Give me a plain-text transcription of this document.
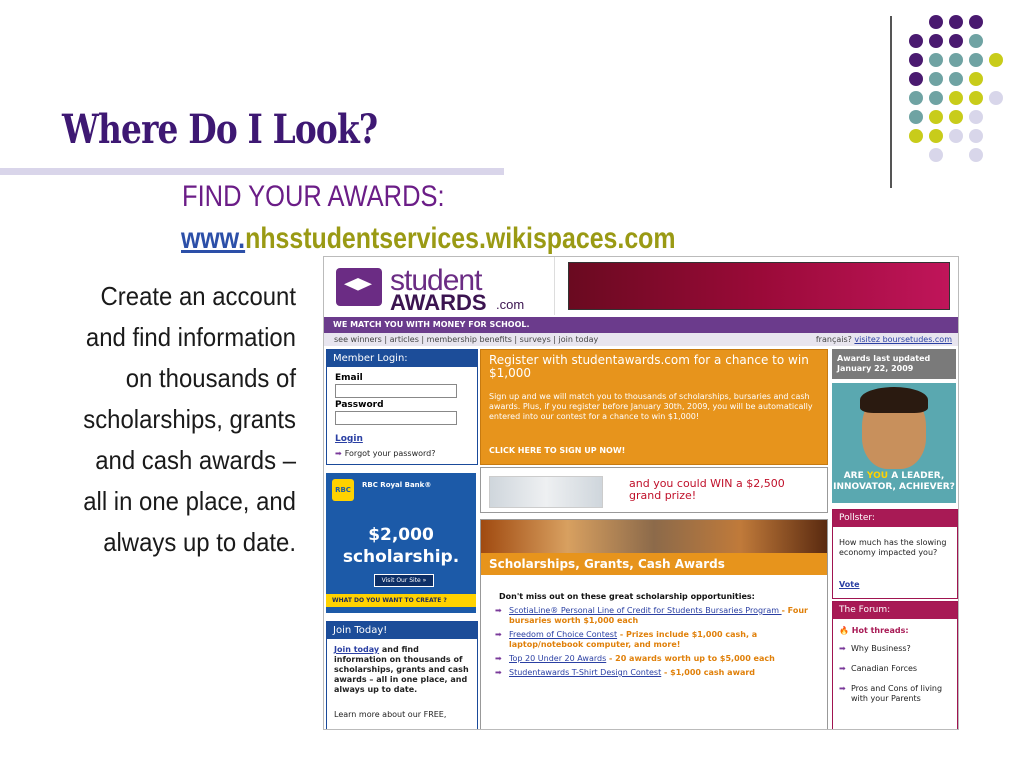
Where Do I Look?
FIND YOUR AWARDS:
www.nhsstudentservices.wikispaces.com
Create an account and find information on thousands of scholarships, grants and cash awards – all in one place, and always up to date.
student
AWARDS .com
WE MATCH YOU WITH MONEY FOR SCHOOL.
see winners | articles | membership benefits | surveys | join today	français? visitez boursetudes.com
Member Login:
Email
Password
Login
➡ Forgot your password?
RBC
RBC Royal Bank®
$2,000
scholarship.
Visit Our Site »
WHAT DO YOU WANT TO CREATE ?
Join Today!
Join today and find information on thousands of scholarships, grants and cash awards – all in one place, and always up to date.
Learn more about our FREE,
Register with studentawards.com for a chance to win $1,000
Sign up and we will match you to thousands of scholarships, bursaries and cash awards. Plus, if you register before January 30th, 2009, you will be automatically entered into our contest for a chance to win $1,000!
CLICK HERE TO SIGN UP NOW!
and you could WIN a $2,500 grand prize!
Scholarships, Grants, Cash Awards
Don't miss out on these great scholarship opportunities:
➡ ScotiaLine® Personal Line of Credit for Students Bursaries Program - Four bursaries worth $1,000 each
➡ Freedom of Choice Contest - Prizes include $1,000 cash, a laptop/notebook computer, and more!
➡ Top 20 Under 20 Awards - 20 awards worth up to $5,000 each
➡ Studentawards T-Shirt Design Contest - $1,000 cash award
Awards last updated
January 22, 2009
ARE YOU A LEADER, INNOVATOR, ACHIEVER?
Pollster:
How much has the slowing economy impacted you?
Vote
The Forum:
🔥 Hot threads:
➡ Why Business?
➡ Canadian Forces
➡ Pros and Cons of living with your Parents
